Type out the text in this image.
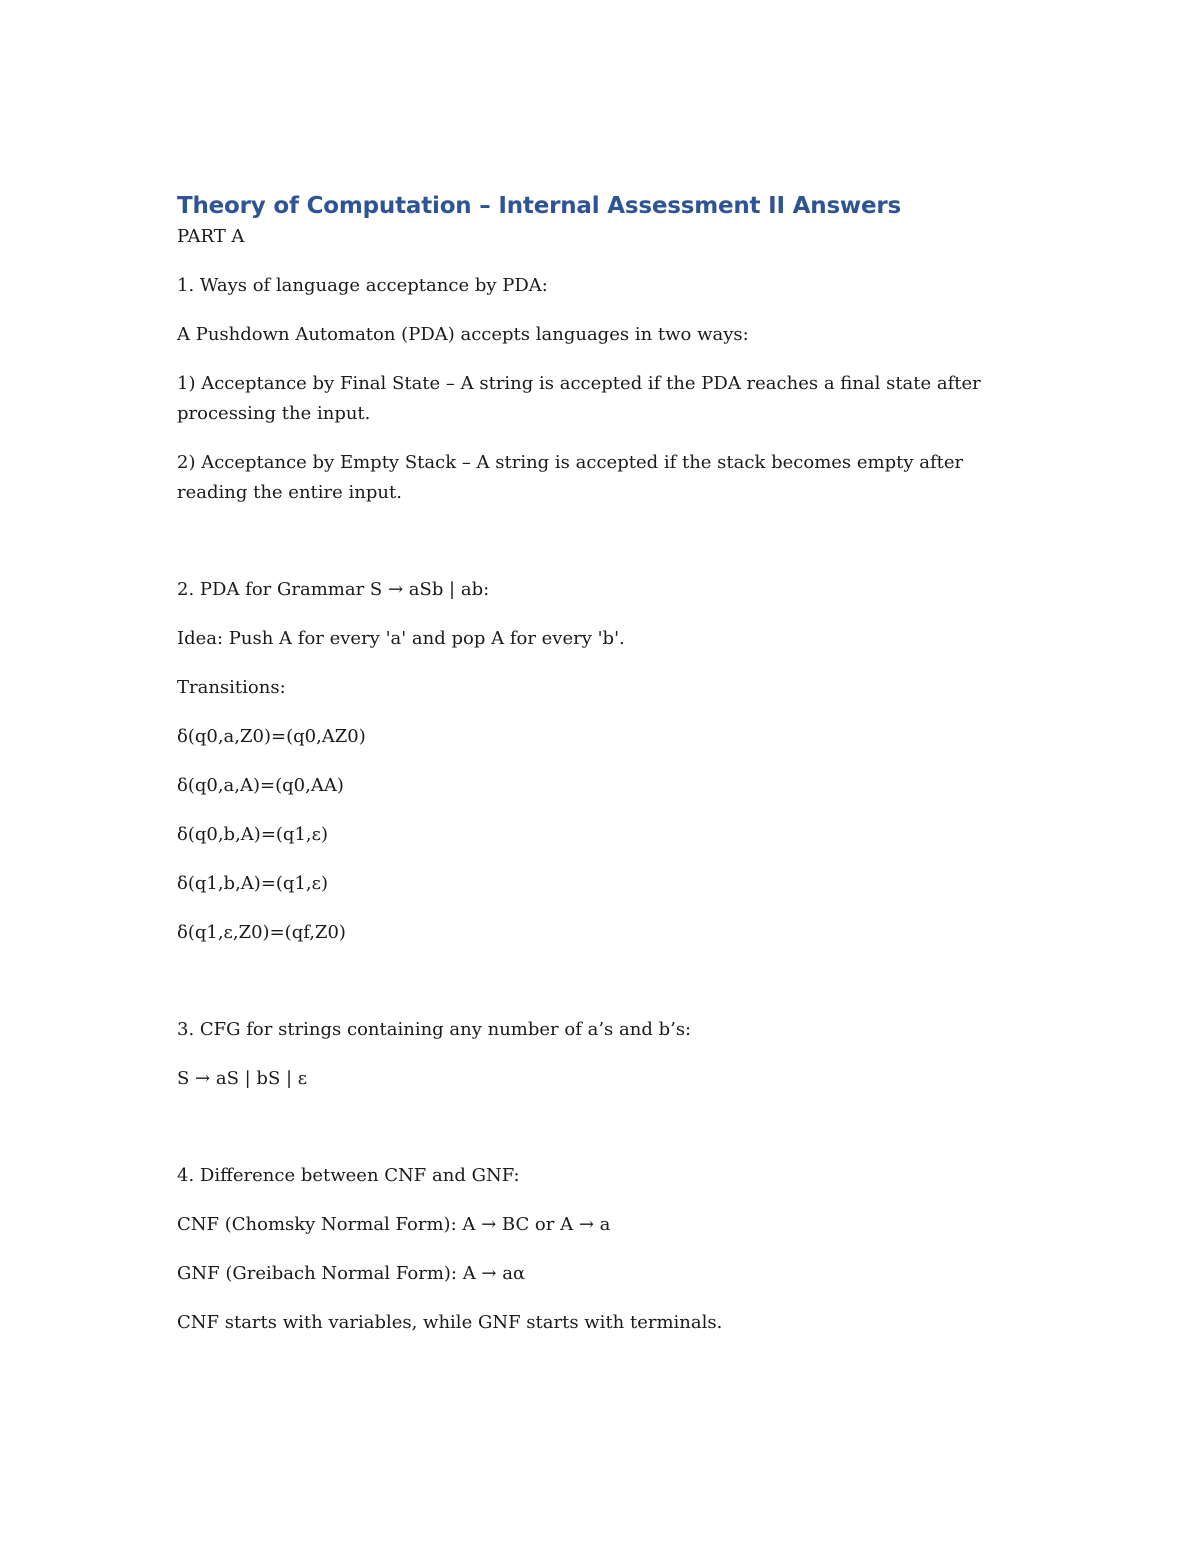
Theory of Computation – Internal Assessment II Answers

PART A

1. Ways of language acceptance by PDA:

A Pushdown Automaton (PDA) accepts languages in two ways:

1) Acceptance by Final State – A string is accepted if the PDA reaches a final state after processing the input.

2) Acceptance by Empty Stack – A string is accepted if the stack becomes empty after reading the entire input.

2. PDA for Grammar S → aSb | ab:

Idea: Push A for every 'a' and pop A for every 'b'.

Transitions:

δ(q0,a,Z0)=(q0,AZ0)

δ(q0,a,A)=(q0,AA)

δ(q0,b,A)=(q1,ε)

δ(q1,b,A)=(q1,ε)

δ(q1,ε,Z0)=(qf,Z0)

3. CFG for strings containing any number of a’s and b’s:

S → aS | bS | ε

4. Difference between CNF and GNF:

CNF (Chomsky Normal Form): A → BC or A → a

GNF (Greibach Normal Form): A → aα

CNF starts with variables, while GNF starts with terminals.
